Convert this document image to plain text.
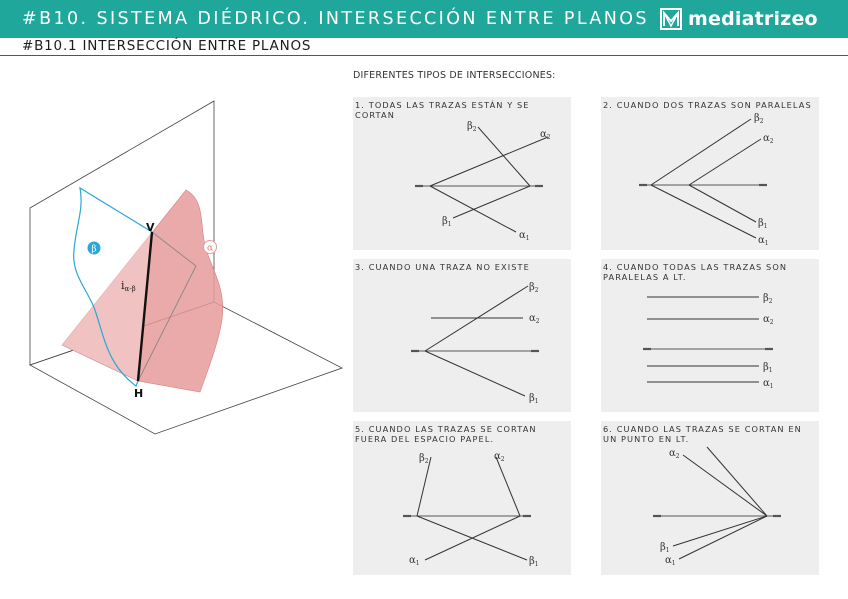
#B10. SISTEMA DIÉDRICO. INTERSECCIÓN ENTRE PLANOS mediatrizeo
#B10.1 INTERSECCIÓN ENTRE PLANOS
V
H
iα-β
β	α
DIFERENTES TIPOS DE INTERSECCIONES:
1. TODAS LAS TRAZAS ESTÁN Y SE CORTAN
$\beta_2$	$\alpha_2$
$\beta_1$
$\alpha_1$
2. CUANDO DOS TRAZAS SON PARALELAS
$\beta_2$
$\alpha_2$
$\beta_1$
$\alpha_1$
3. CUANDO UNA TRAZA NO EXISTE
$\beta_2$
$\alpha_2$
$\beta_1$
4. CUANDO TODAS LAS TRAZAS SON PARALELAS A LT.
$\beta_2$
$\alpha_2$
$\beta_1$
$\alpha_1$
5. CUANDO LAS TRAZAS SE CORTAN FUERA DEL ESPACIO PAPEL.
$\beta_2$	$\alpha_2$
$\alpha_1$	$\beta_1$
6. CUANDO LAS TRAZAS SE CORTAN EN UN PUNTO EN LT.
$\alpha_2$
$\beta_1$
$\alpha_1$
